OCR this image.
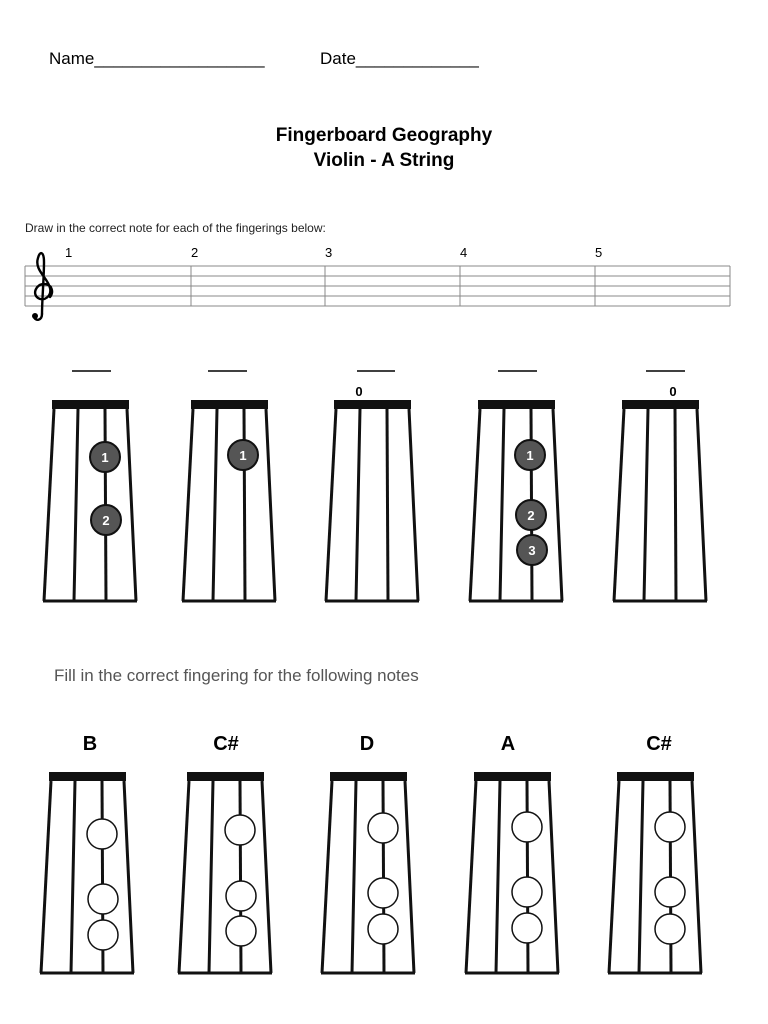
Name__________________	Date_____________
Fingerboard Geography
Violin - A String
Draw in the correct note for each of the fingerings below:
1	2	3	4	5
Fill in the correct fingering for the following notes
B	C#	D	A	C#
0	0
1
2
1	1
2
3
